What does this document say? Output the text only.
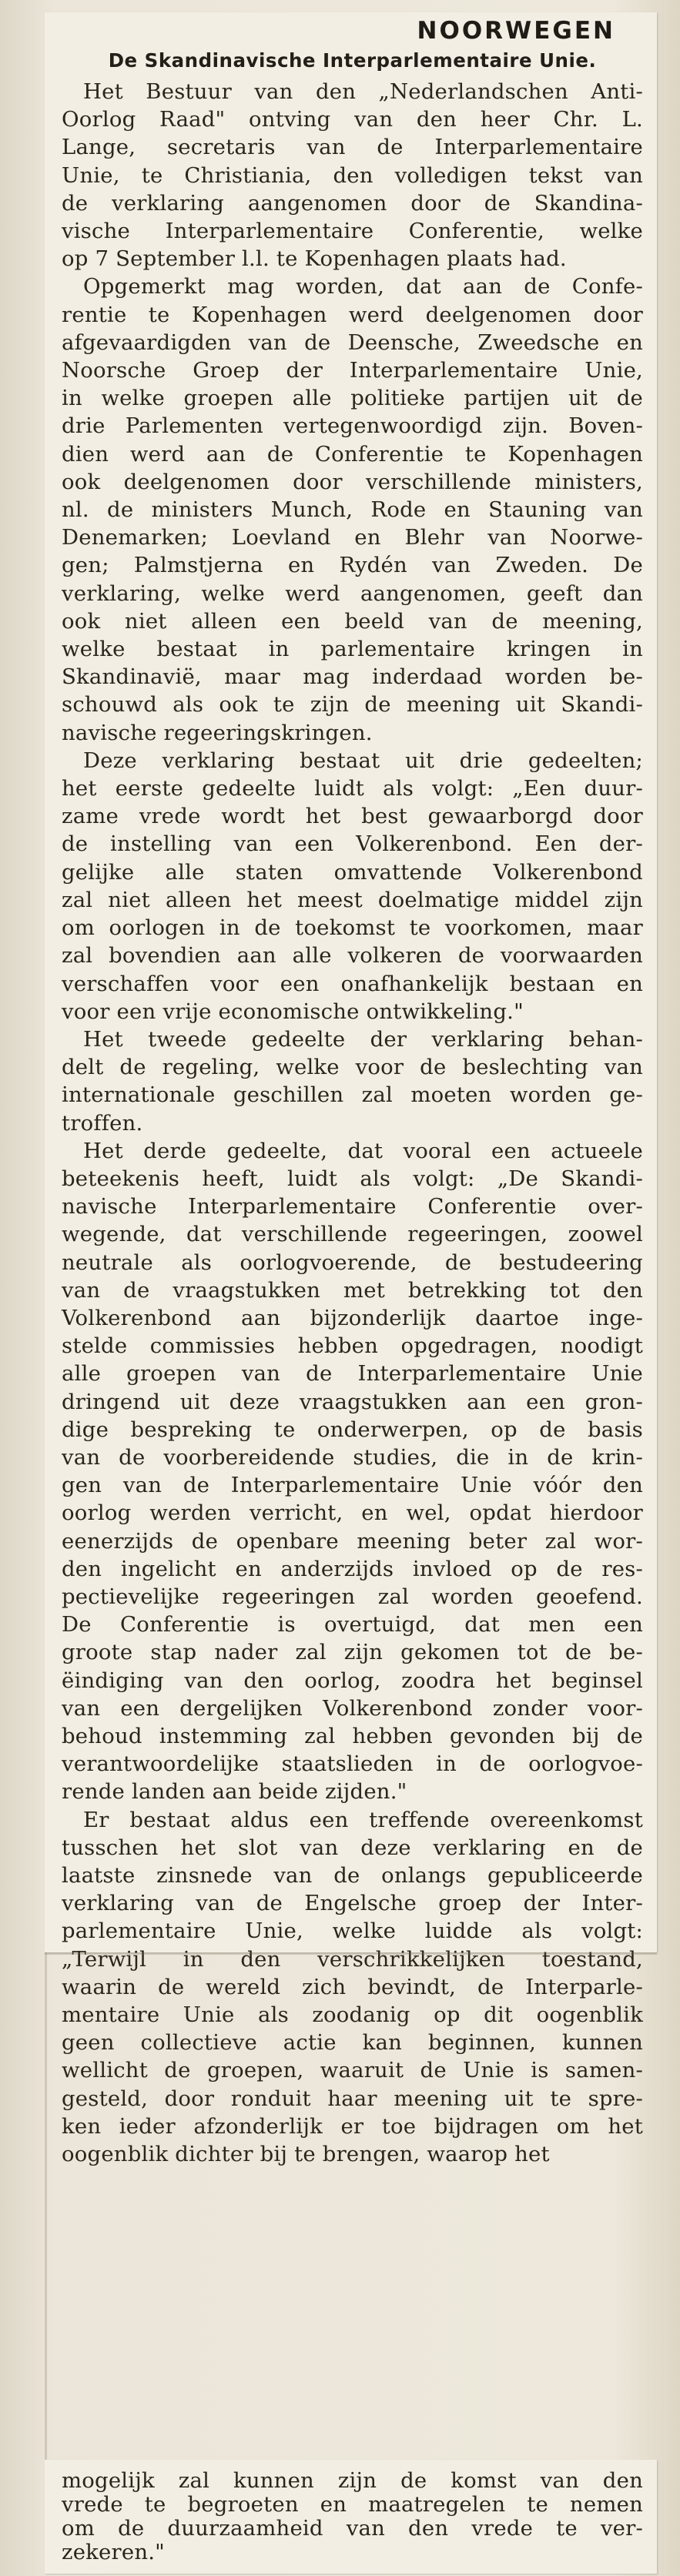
NOORWEGEN
De Skandinavische Interparlementaire Unie.
Het Bestuur van den „Nederlandschen Anti-
Oorlog Raad" ontving van den heer Chr. L.
Lange, secretaris van de Interparlementaire
Unie, te Christiania, den volledigen tekst van
de verklaring aangenomen door de Skandina-
vische Interparlementaire Conferentie, welke
op 7 September l.l. te Kopenhagen plaats had.
Opgemerkt mag worden, dat aan de Confe-
rentie te Kopenhagen werd deelgenomen door
afgevaardigden van de Deensche, Zweedsche en
Noorsche Groep der Interparlementaire Unie,
in welke groepen alle politieke partijen uit de
drie Parlementen vertegenwoordigd zijn. Boven-
dien werd aan de Conferentie te Kopenhagen
ook deelgenomen door verschillende ministers,
nl. de ministers Munch, Rode en Stauning van
Denemarken; Loevland en Blehr van Noorwe-
gen; Palmstjerna en Rydén van Zweden. De
verklaring, welke werd aangenomen, geeft dan
ook niet alleen een beeld van de meening,
welke bestaat in parlementaire kringen in
Skandinavië, maar mag inderdaad worden be-
schouwd als ook te zijn de meening uit Skandi-
navische regeeringskringen.
Deze verklaring bestaat uit drie gedeelten;
het eerste gedeelte luidt als volgt: „Een duur-
zame vrede wordt het best gewaarborgd door
de instelling van een Volkerenbond. Een der-
gelijke alle staten omvattende Volkerenbond
zal niet alleen het meest doelmatige middel zijn
om oorlogen in de toekomst te voorkomen, maar
zal bovendien aan alle volkeren de voorwaarden
verschaffen voor een onafhankelijk bestaan en
voor een vrije economische ontwikkeling."
Het tweede gedeelte der verklaring behan-
delt de regeling, welke voor de beslechting van
internationale geschillen zal moeten worden ge-
troffen.
Het derde gedeelte, dat vooral een actueele
beteekenis heeft, luidt als volgt: „De Skandi-
navische Interparlementaire Conferentie over-
wegende, dat verschillende regeeringen, zoowel
neutrale als oorlogvoerende, de bestudeering
van de vraagstukken met betrekking tot den
Volkerenbond aan bijzonderlijk daartoe inge-
stelde commissies hebben opgedragen, noodigt
alle groepen van de Interparlementaire Unie
dringend uit deze vraagstukken aan een gron-
dige bespreking te onderwerpen, op de basis
van de voorbereidende studies, die in de krin-
gen van de Interparlementaire Unie vóór den
oorlog werden verricht, en wel, opdat hierdoor
eenerzijds de openbare meening beter zal wor-
den ingelicht en anderzijds invloed op de res-
pectievelijke regeeringen zal worden geoefend.
De Conferentie is overtuigd, dat men een
groote stap nader zal zijn gekomen tot de be-
ëindiging van den oorlog, zoodra het beginsel
van een dergelijken Volkerenbond zonder voor-
behoud instemming zal hebben gevonden bij de
verantwoordelijke staatslieden in de oorlogvoe-
rende landen aan beide zijden."
Er bestaat aldus een treffende overeenkomst
tusschen het slot van deze verklaring en de
laatste zinsnede van de onlangs gepubliceerde
verklaring van de Engelsche groep der Inter-
parlementaire Unie, welke luidde als volgt:
„Terwijl in den verschrikkelijken toestand,
waarin de wereld zich bevindt, de Interparle-
mentaire Unie als zoodanig op dit oogenblik
geen collectieve actie kan beginnen, kunnen
wellicht de groepen, waaruit de Unie is samen-
gesteld, door ronduit haar meening uit te spre-
ken ieder afzonderlijk er toe bijdragen om het
oogenblik dichter bij te brengen, waarop het
mogelijk zal kunnen zijn de komst van den
vrede te begroeten en maatregelen te nemen
om de duurzaamheid van den vrede te ver-
zekeren."
